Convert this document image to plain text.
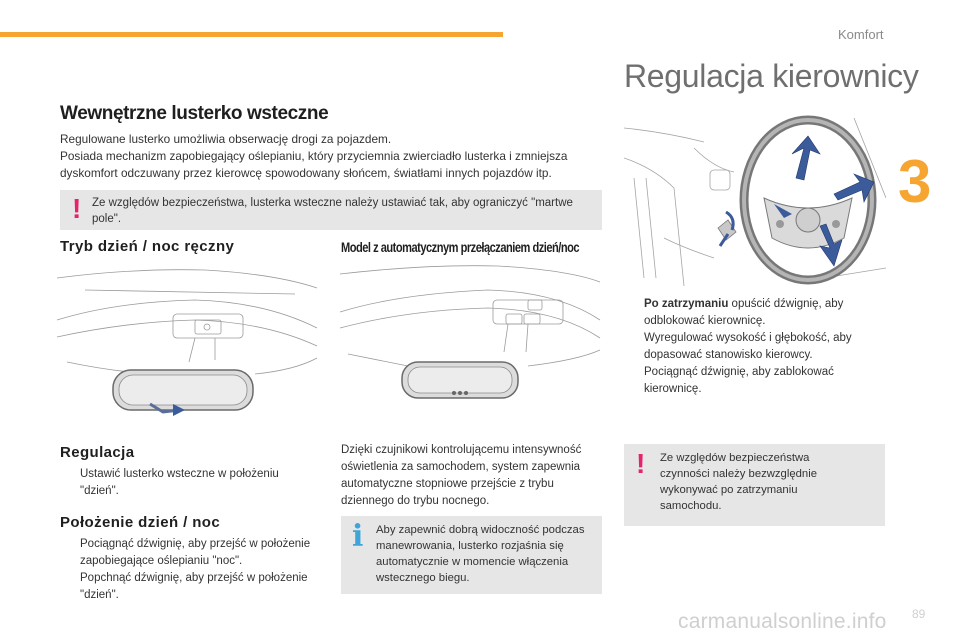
Komfort
3
Wewnętrzne lusterko wsteczne
Regulowane lusterko umożliwia obserwację drogi za pojazdem.
Posiada mechanizm zapobiegający oślepianiu, który przyciemnia zwierciadło lusterka i zmniejsza dyskomfort odczuwany przez kierowcę spowodowany słońcem, światłami innych pojazdów itp.
! Ze względów bezpieczeństwa, lusterka wsteczne należy ustawiać tak, aby ograniczyć "martwe pole".
Tryb dzień / noc ręczny	Model z automatycznym przełączaniem dzień/noc
Regulacja
Ustawić lusterko wsteczne w położeniu "dzień".
Położenie dzień / noc
Pociągnąć dźwignię, aby przejść w położenie zapobiegające oślepianiu "noc".
Popchnąć dźwignię, aby przejść w położenie "dzień".
Dzięki czujnikowi kontrolującemu intensywność oświetlenia za samochodem, system zapewnia automatyczne stopniowe przejście z trybu dziennego do trybu nocnego.
i Aby zapewnić dobrą widoczność podczas manewrowania, lusterko rozjaśnia się automatycznie w momencie włączenia wstecznego biegu.
Regulacja kierownicy
Po zatrzymaniu opuścić dźwignię, aby odblokować kierownicę.
Wyregulować wysokość i głębokość, aby dopasować stanowisko kierowcy.
Pociągnąć dźwignię, aby zablokować kierownicę.
! Ze względów bezpieczeństwa czynności należy bezwzględnie wykonywać po zatrzymaniu samochodu.
89
carmanualsonline.info
